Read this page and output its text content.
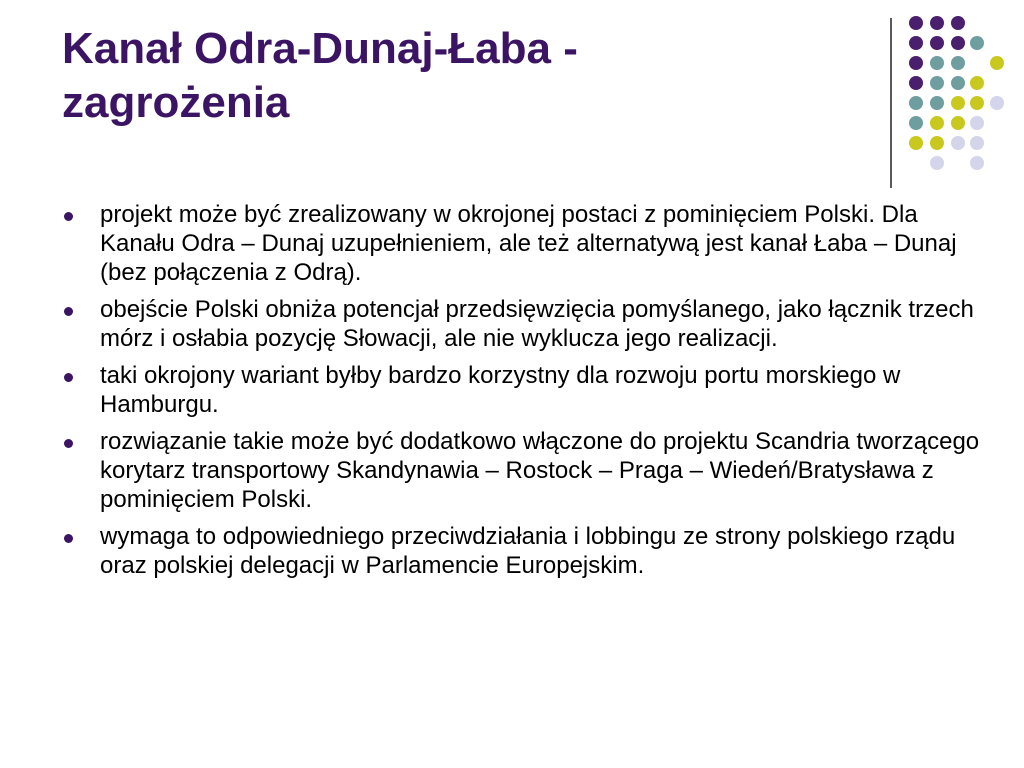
Kanał Odra-Dunaj-Łaba -
zagrożenia
projekt może być zrealizowany w okrojonej postaci z pominięciem Polski. Dla Kanału Odra – Dunaj uzupełnieniem, ale też alternatywą jest kanał Łaba – Dunaj (bez połączenia z Odrą).
obejście Polski obniża potencjał przedsięwzięcia pomyślanego, jako łącznik trzech mórz i osłabia pozycję Słowacji, ale nie wyklucza jego realizacji.
taki okrojony wariant byłby bardzo korzystny dla rozwoju portu morskiego w Hamburgu.
rozwiązanie takie może być dodatkowo włączone do projektu Scandria tworzącego korytarz transportowy Skandynawia – Rostock – Praga – Wiedeń/Bratysława z pominięciem Polski.
wymaga to odpowiedniego przeciwdziałania i lobbingu ze strony polskiego rządu oraz polskiej delegacji w Parlamencie Europejskim.
